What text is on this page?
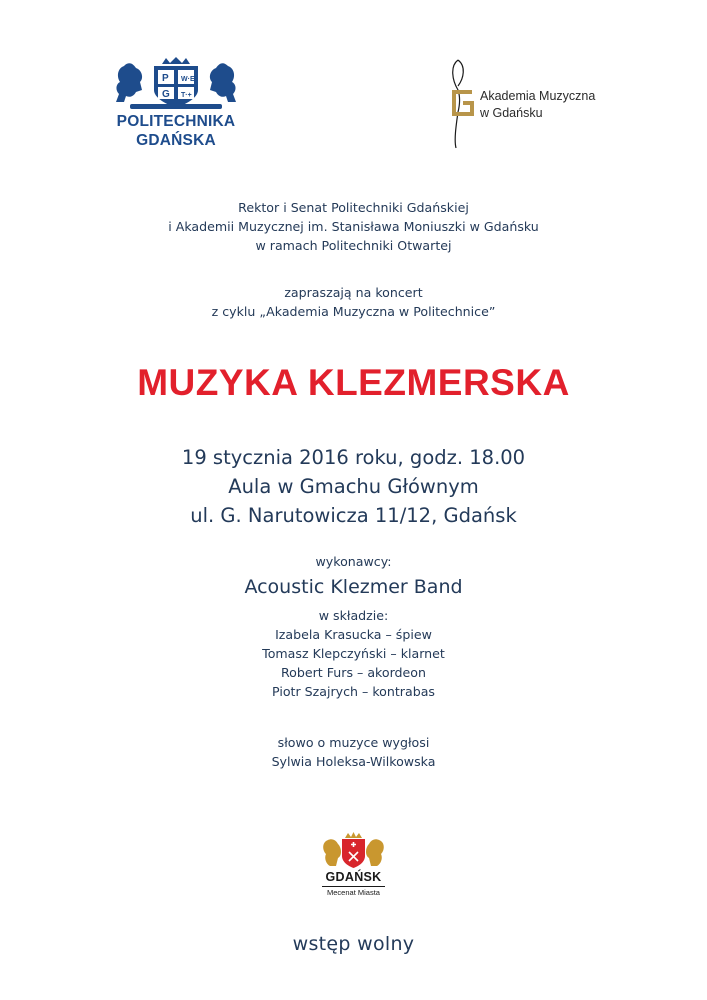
P
G
W·E
T·+
POLITECHNIKA
GDAŃSKA
Akademia Muzyczna
w Gdańsku
Rektor i Senat Politechniki Gdańskiej
i Akademii Muzycznej im. Stanisława Moniuszki w Gdańsku
w ramach Politechniki Otwartej
zapraszają na koncert
z cyklu „Akademia Muzyczna w Politechnice”
MUZYKA KLEZMERSKA
19 stycznia 2016 roku, godz. 18.00
Aula w Gmachu Głównym
ul. G. Narutowicza 11/12, Gdańsk
wykonawcy:
Acoustic Klezmer Band
w składzie:
Izabela Krasucka – śpiew
Tomasz Klepczyński – klarnet
Robert Furs – akordeon
Piotr Szajrych – kontrabas
słowo o muzyce wygłosi
Sylwia Holeksa-Wilkowska
GDAŃSK
Mecenat Miasta
wstęp wolny
